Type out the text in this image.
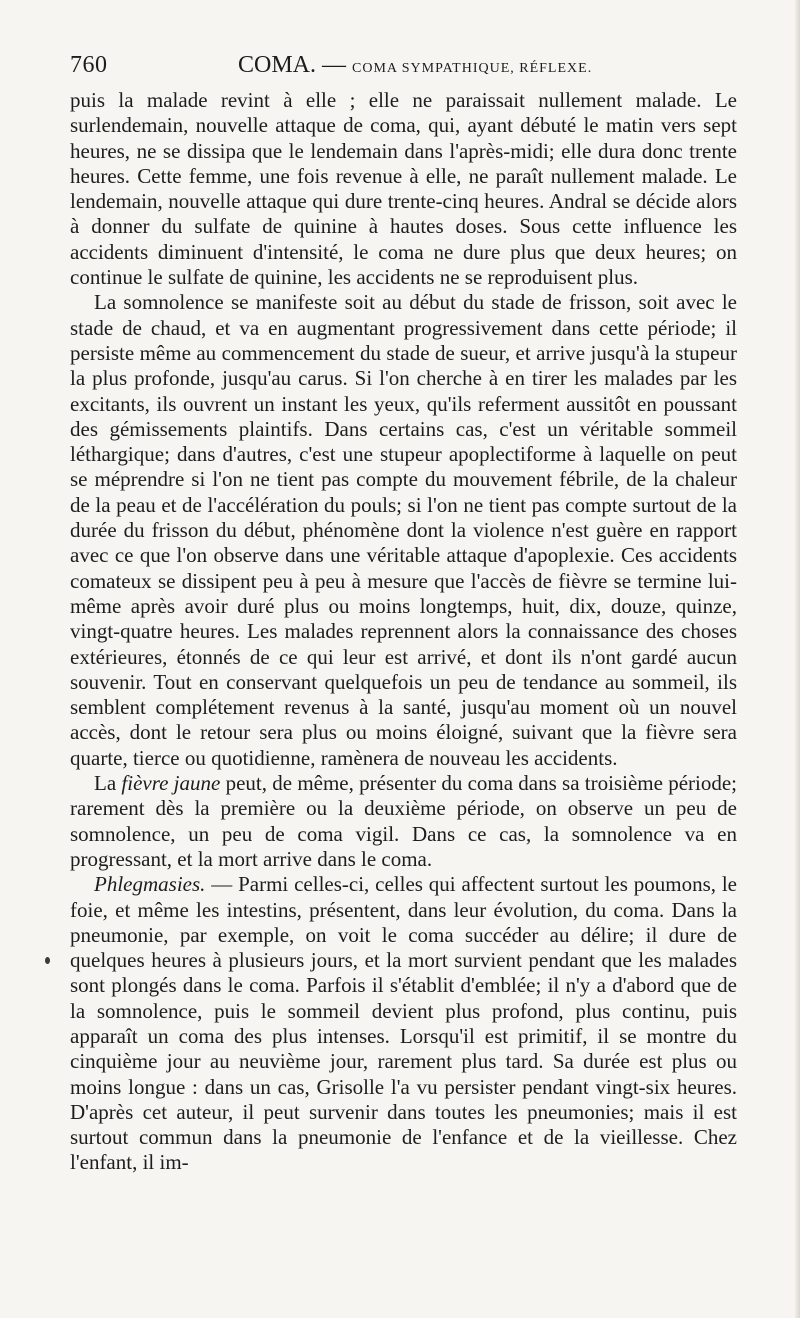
760	COMA. — COMA SYMPATHIQUE, RÉFLEXE.

puis la malade revint à elle ; elle ne paraissait nullement malade. Le surlendemain, nouvelle attaque de coma, qui, ayant débuté le matin vers sept heures, ne se dissipa que le lendemain dans l'après-midi; elle dura donc trente heures. Cette femme, une fois revenue à elle, ne paraît nullement malade. Le lendemain, nouvelle attaque qui dure trente-cinq heures. Andral se décide alors à donner du sulfate de quinine à hautes doses. Sous cette influence les accidents diminuent d'intensité, le coma ne dure plus que deux heures; on continue le sulfate de quinine, les accidents ne se reproduisent plus.

La somnolence se manifeste soit au début du stade de frisson, soit avec le stade de chaud, et va en augmentant progressivement dans cette période; il persiste même au commencement du stade de sueur, et arrive jusqu'à la stupeur la plus profonde, jusqu'au carus. Si l'on cherche à en tirer les malades par les excitants, ils ouvrent un instant les yeux, qu'ils referment aussitôt en poussant des gémissements plaintifs. Dans certains cas, c'est un véritable sommeil léthargique; dans d'autres, c'est une stupeur apoplectiforme à laquelle on peut se méprendre si l'on ne tient pas compte du mouvement fébrile, de la chaleur de la peau et de l'accélération du pouls; si l'on ne tient pas compte surtout de la durée du frisson du début, phénomène dont la violence n'est guère en rapport avec ce que l'on observe dans une véritable attaque d'apoplexie. Ces accidents comateux se dissipent peu à peu à mesure que l'accès de fièvre se termine lui-même après avoir duré plus ou moins longtemps, huit, dix, douze, quinze, vingt-quatre heures. Les malades reprennent alors la connaissance des choses extérieures, étonnés de ce qui leur est arrivé, et dont ils n'ont gardé aucun souvenir. Tout en conservant quelquefois un peu de tendance au sommeil, ils semblent complétement revenus à la santé, jusqu'au moment où un nouvel accès, dont le retour sera plus ou moins éloigné, suivant que la fièvre sera quarte, tierce ou quotidienne, ramènera de nouveau les accidents.

La fièvre jaune peut, de même, présenter du coma dans sa troisième période; rarement dès la première ou la deuxième période, on observe un peu de somnolence, un peu de coma vigil. Dans ce cas, la somnolence va en progressant, et la mort arrive dans le coma.

Phlegmasies. — Parmi celles-ci, celles qui affectent surtout les poumons, le foie, et même les intestins, présentent, dans leur évolution, du coma. Dans la pneumonie, par exemple, on voit le coma succéder au délire; il dure de quelques heures à plusieurs jours, et la mort survient pendant que les malades sont plongés dans le coma. Parfois il s'établit d'emblée; il n'y a d'abord que de la somnolence, puis le sommeil devient plus profond, plus continu, puis apparaît un coma des plus intenses. Lorsqu'il est primitif, il se montre du cinquième jour au neuvième jour, rarement plus tard. Sa durée est plus ou moins longue : dans un cas, Grisolle l'a vu persister pendant vingt-six heures. D'après cet auteur, il peut survenir dans toutes les pneumonies; mais il est surtout commun dans la pneumonie de l'enfance et de la vieillesse. Chez l'enfant, il im-
